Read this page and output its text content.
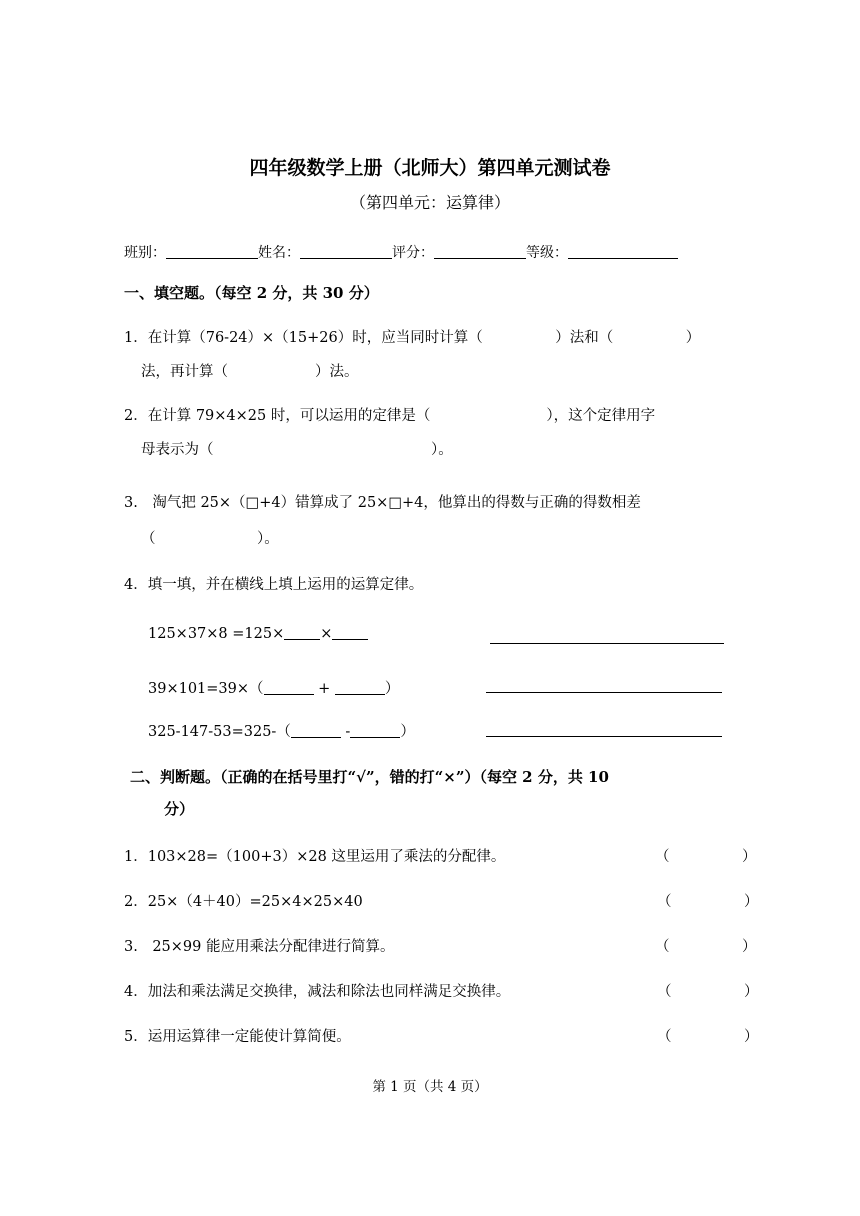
四年级数学上册（北师大）第四单元测试卷
（第四单元：运算律）
班别：	姓名：	评分：	等级：
一、填空题。（每空 2 分，共 30 分）
1．在计算（76-24）×（15+26）时，应当同时计算（　　　　　）法和（　　　　　）
法，再计算（　　　　　　）法。
2．在计算 79×4×25 时，可以运用的定律是（　　　　　　　　），这个定律用字
母表示为（　　　　　　　　　　　　　　　）。
3.　淘气把 25×（□+4）错算成了 25×□+4，他算出的得数与正确的得数相差
（　　　　　　　）。
4．填一填，并在横线上填上运用的运算定律。
125×37×8 =125× ×
39×101=39×（	+	）
325-147-53=325-（	-	）
二、判断题。（正确的在括号里打“√”，错的打“×”）（每空 2 分，共 10
分）
1．103×28=（100+3）×28 这里运用了乘法的分配律。	（　　　　　）
2．25×（4＋40）=25×4×25×40	（　　　　　）
3.　25×99 能应用乘法分配律进行简算。	（　　　　　）
4．加法和乘法满足交换律，减法和除法也同样满足交换律。	（　　　　　）
5．运用运算律一定能使计算简便。	（　　　　　）
第 1 页（共 4 页）
